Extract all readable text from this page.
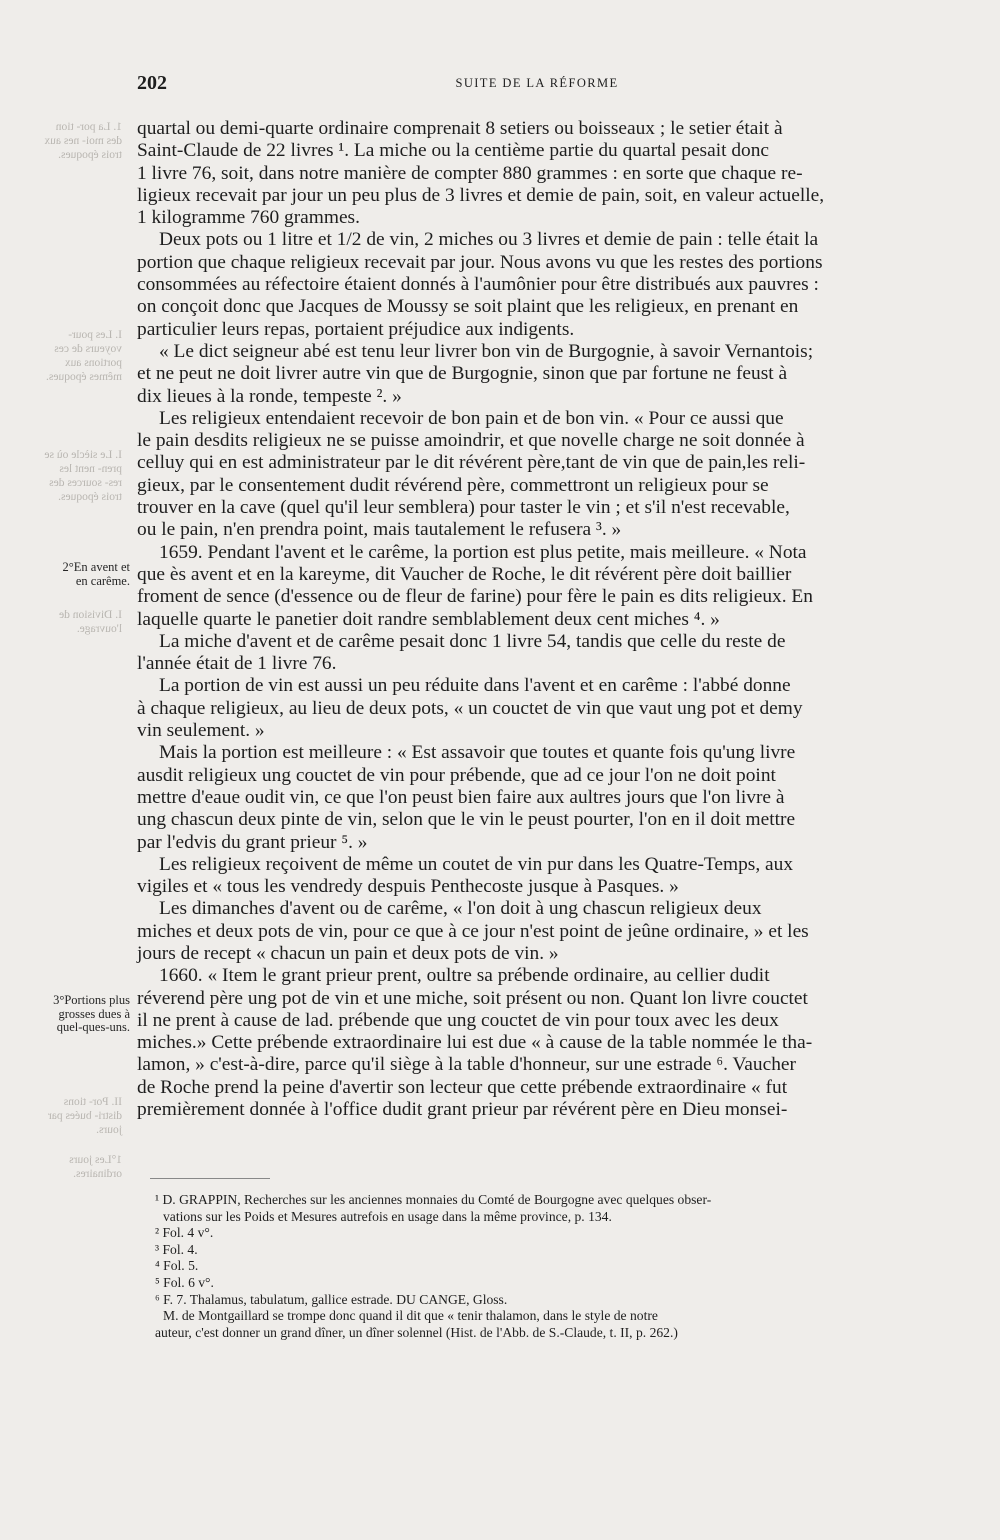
1. La por- tion des moi- nes aux trois époques.
I. Les pour- voyeurs de ces portions aux mêmes époques.
I. Le siècle où se pren- nent les res- sources des trois époques.
I. Division de l'ouvrage.
II. Por- tions distri- buées par jours.
1°Les jours ordinaires.
202	SUITE DE LA RÉFORME
2°En avent et en carême.
3°Portions plus grosses dues à quel-ques-uns.

quartal ou demi-quarte ordinaire comprenait 8 setiers ou boisseaux ; le setier était à

Saint-Claude de 22 livres ¹. La miche ou la centième partie du quartal pesait donc

1 livre 76, soit, dans notre manière de compter 880 grammes : en sorte que chaque re-

ligieux recevait par jour un peu plus de 3 livres et demie de pain, soit, en valeur actuelle,

1 kilogramme 760 grammes.

Deux pots ou 1 litre et 1/2 de vin, 2 miches ou 3 livres et demie de pain : telle était la

portion que chaque religieux recevait par jour. Nous avons vu que les restes des portions

consommées au réfectoire étaient donnés à l'aumônier pour être distribués aux pauvres :

on conçoit donc que Jacques de Moussy se soit plaint que les religieux, en prenant en

particulier leurs repas, portaient préjudice aux indigents.

« Le dict seigneur abé est tenu leur livrer bon vin de Burgognie, à savoir Vernantois;

et ne peut ne doit livrer autre vin que de Burgognie, sinon que par fortune ne feust à

dix lieues à la ronde, tempeste ². »

Les religieux entendaient recevoir de bon pain et de bon vin. « Pour ce aussi que

le pain desdits religieux ne se puisse amoindrir, et que novelle charge ne soit donnée à

celluy qui en est administrateur par le dit révérent père,tant de vin que de pain,les reli-

gieux, par le consentement dudit révérend père, commettront un religieux pour se

trouver en la cave (quel qu'il leur semblera) pour taster le vin ; et s'il n'est recevable,

ou le pain, n'en prendra point, mais tautalement le refusera ³. »

1659. Pendant l'avent et le carême, la portion est plus petite, mais meilleure. « Nota

que ès avent et en la kareyme, dit Vaucher de Roche, le dit révérent père doit baillier

froment de sence (d'essence ou de fleur de farine) pour fère le pain es dits religieux. En

laquelle quarte le panetier doit randre semblablement deux cent miches ⁴. »

La miche d'avent et de carême pesait donc 1 livre 54, tandis que celle du reste de

l'année était de 1 livre 76.

La portion de vin est aussi un peu réduite dans l'avent et en carême : l'abbé donne

à chaque religieux, au lieu de deux pots, « un couctet de vin que vaut ung pot et demy

vin seulement. »

Mais la portion est meilleure : « Est assavoir que toutes et quante fois qu'ung livre

ausdit religieux ung couctet de vin pour prébende, que ad ce jour l'on ne doit point

mettre d'eaue oudit vin, ce que l'on peust bien faire aux aultres jours que l'on livre à

ung chascun deux pinte de vin, selon que le vin le peust pourter, l'on en il doit mettre

par l'edvis du grant prieur ⁵. »

Les religieux reçoivent de même un coutet de vin pur dans les Quatre-Temps, aux

vigiles et « tous les vendredy despuis Penthecoste jusque à Pasques. »

Les dimanches d'avent ou de carême, « l'on doit à ung chascun religieux deux

miches et deux pots de vin, pour ce que à ce jour n'est point de jeûne ordinaire, » et les

jours de recept « chacun un pain et deux pots de vin. »

1660. « Item le grant prieur prent, oultre sa prébende ordinaire, au cellier dudit

réverend père ung pot de vin et une miche, soit présent ou non. Quant lon livre couctet

il ne prent à cause de lad. prébende que ung couctet de vin pour toux avec les deux

miches.» Cette prébende extraordinaire lui est due « à cause de la table nommée le tha-

lamon, » c'est-à-dire, parce qu'il siège à la table d'honneur, sur une estrade ⁶. Vaucher

de Roche prend la peine d'avertir son lecteur que cette prébende extraordinaire « fut

premièrement donnée à l'office dudit grant prieur par révérent père en Dieu monsei-

¹ D. GRAPPIN, Recherches sur les anciennes monnaies du Comté de Bourgogne avec quelques obser-

vations sur les Poids et Mesures autrefois en usage dans la même province, p. 134.

² Fol. 4 v°.

³ Fol. 4.

⁴ Fol. 5.

⁵ Fol. 6 v°.

⁶ F. 7. Thalamus, tabulatum, gallice estrade. DU CANGE, Gloss.

M. de Montgaillard se trompe donc quand il dit que « tenir thalamon, dans le style de notre

auteur, c'est donner un grand dîner, un dîner solennel (Hist. de l'Abb. de S.-Claude, t. II, p. 262.)
